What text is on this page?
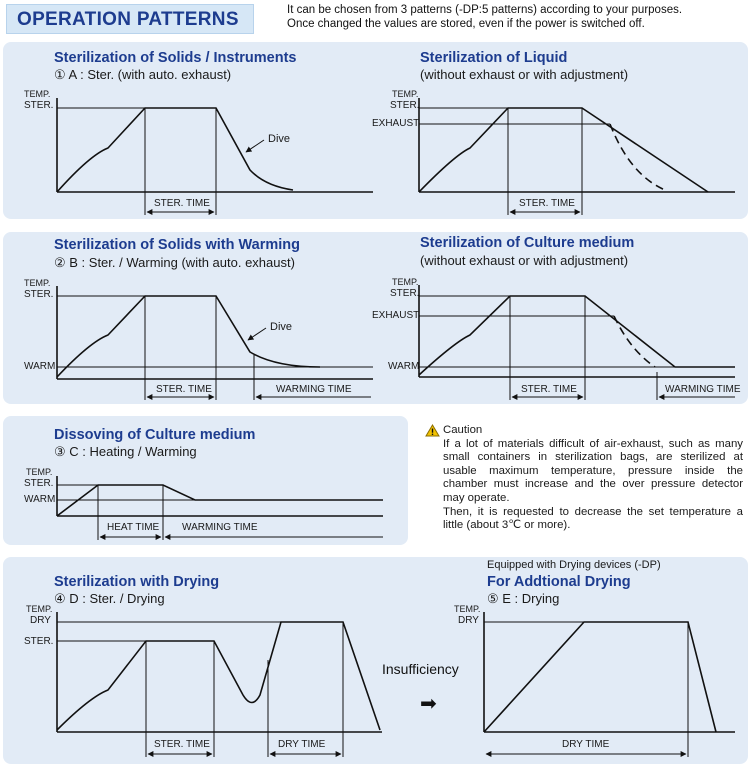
OPERATION PATTERNS	It can be chosen from 3 patterns (-DP:5 patterns) according to your purposes.
Once changed the values are stored, even if the power is switched off.
Sterilization of Solids / Instruments
① A : Ster. (with auto. exhaust)
Sterilization of Liquid
(without exhaust or with adjustment)
Sterilization of Solids with Warming
② B : Ster. / Warming (with auto. exhaust)
Sterilization of Culture medium
(without exhaust or with adjustment)
Dissoving of Culture medium
③ C : Heating / Warming
Sterilization with Drying
④ D : Ster. / Drying
Equipped with Drying devices (-DP)
For Addtional Drying
⑤ E : Drying
TEMP.
STER.
Dive
STER. TIME
TEMP.
STER.
EXHAUST
STER. TIME
TEMP.
STER.
WARM
Dive
STER. TIME	WARMING TIME
TEMP.
STER.
EXHAUST
WARM
STER. TIME	WARMING TIME
TEMP.
STER.
WARM
HEAT TIME WARMING TIME
TEMP.
DRY
STER.
STER. TIME	DRY TIME
TEMP.
DRY
DRY TIME
Caution
If a lot of materials difficult of air-exhaust, such as many small containers in sterilization bags, are sterilized at usable maximum temperature, pressure inside the chamber must increase and the over pressure detector may operate.
Then, it is requested to decrease the set temperature a little (about 3℃ or more).
Insufficiency
➡
